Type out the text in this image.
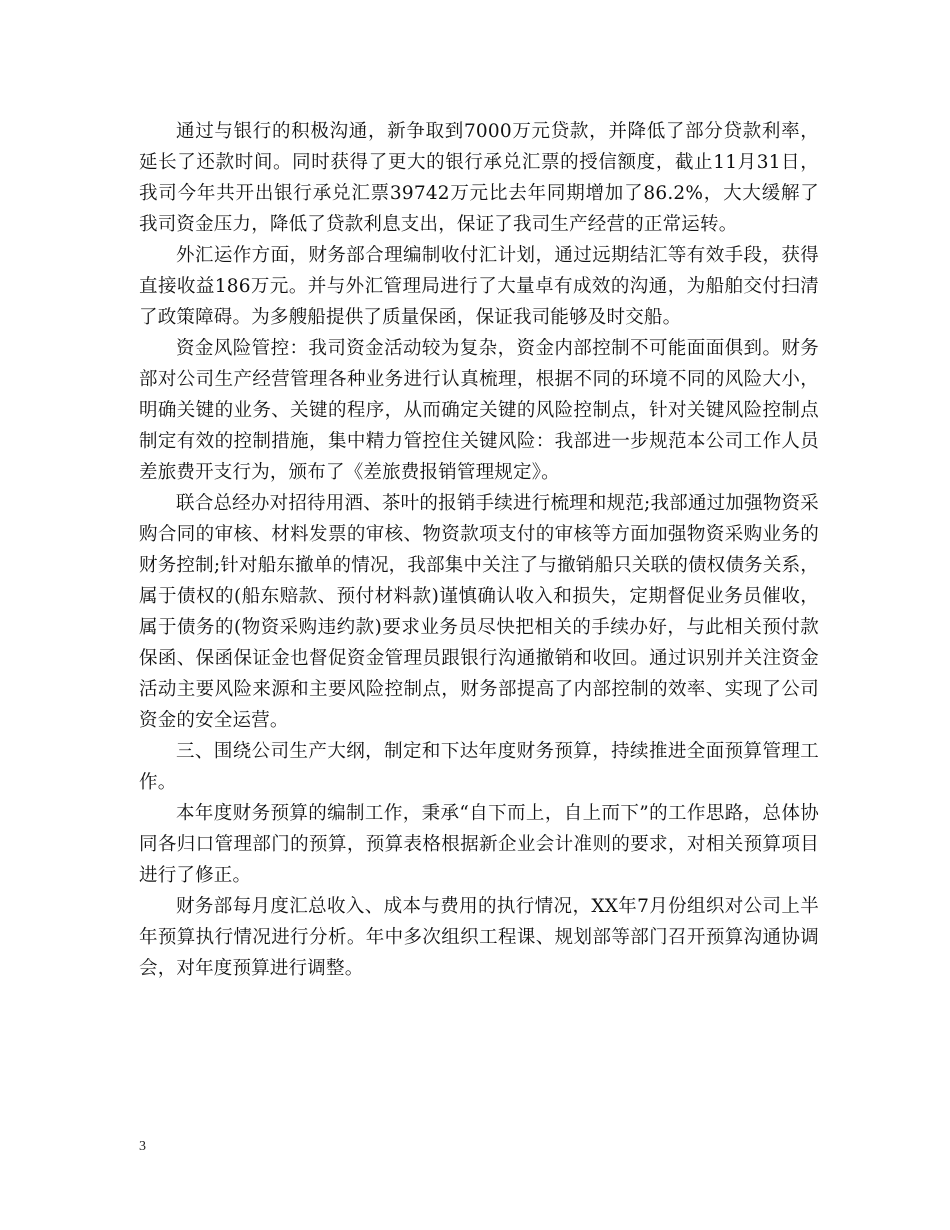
通过与银行的积极沟通，新争取到7000万元贷款，并降低了部分贷款利率，延长了还款时间。同时获得了更大的银行承兑汇票的授信额度，截止11月31日，我司今年共开出银行承兑汇票39742万元比去年同期增加了86.2%，大大缓解了我司资金压力，降低了贷款利息支出，保证了我司生产经营的正常运转。

外汇运作方面，财务部合理编制收付汇计划，通过远期结汇等有效手段，获得直接收益186万元。并与外汇管理局进行了大量卓有成效的沟通，为船舶交付扫清了政策障碍。为多艘船提供了质量保函，保证我司能够及时交船。

资金风险管控：我司资金活动较为复杂，资金内部控制不可能面面俱到。财务部对公司生产经营管理各种业务进行认真梳理，根据不同的环境不同的风险大小，明确关键的业务、关键的程序，从而确定关键的风险控制点，针对关键风险控制点制定有效的控制措施，集中精力管控住关键风险：我部进一步规范本公司工作人员差旅费开支行为，颁布了《差旅费报销管理规定》。

联合总经办对招待用酒、茶叶的报销手续进行梳理和规范;我部通过加强物资采购合同的审核、材料发票的审核、物资款项支付的审核等方面加强物资采购业务的财务控制;针对船东撤单的情况，我部集中关注了与撤销船只关联的债权债务关系，属于债权的(船东赔款、预付材料款)谨慎确认收入和损失，定期督促业务员催收，属于债务的(物资采购违约款)要求业务员尽快把相关的手续办好，与此相关预付款保函、保函保证金也督促资金管理员跟银行沟通撤销和收回。通过识别并关注资金活动主要风险来源和主要风险控制点，财务部提高了内部控制的效率、实现了公司资金的安全运营。

三、围绕公司生产大纲，制定和下达年度财务预算，持续推进全面预算管理工作。

本年度财务预算的编制工作，秉承“自下而上，自上而下”的工作思路，总体协同各归口管理部门的预算，预算表格根据新企业会计准则的要求，对相关预算项目进行了修正。

财务部每月度汇总收入、成本与费用的执行情况，XX年7月份组织对公司上半年预算执行情况进行分析。年中多次组织工程课、规划部等部门召开预算沟通协调会，对年度预算进行调整。

3
